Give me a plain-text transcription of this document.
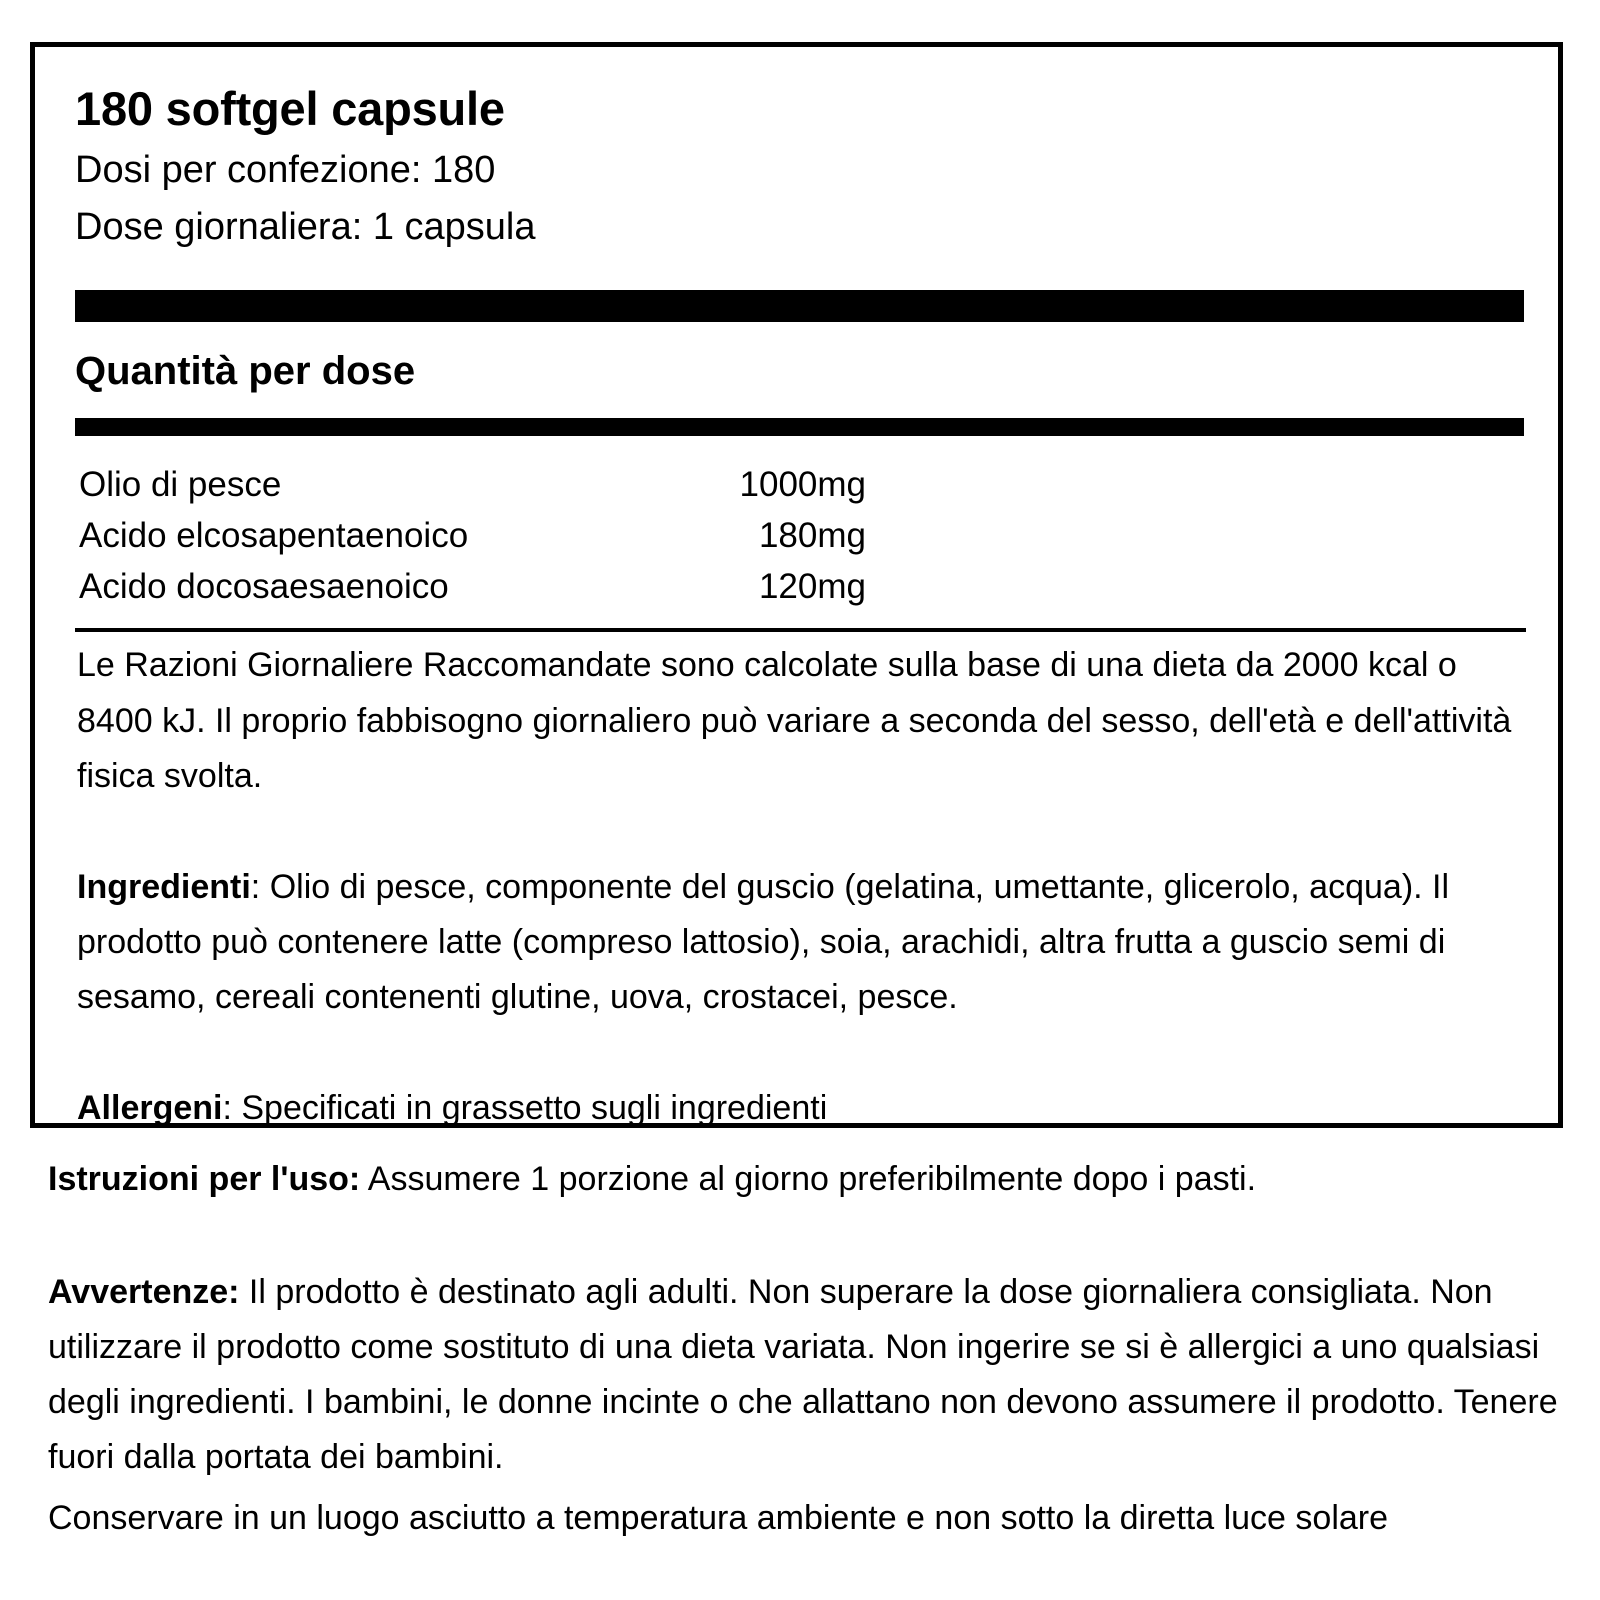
180 softgel capsule
Dosi per confezione: 180
Dose giornaliera: 1 capsula
Quantità per dose
Olio di pesce	1000mg
Acido elcosapentaenoico	180mg
Acido docosaesaenoico	120mg
Le Razioni Giornaliere Raccomandate sono calcolate sulla base di una dieta da 2000 kcal o 8400 kJ. Il proprio fabbisogno giornaliero può variare a seconda del sesso, dell'età e dell'attività fisica svolta.
Ingredienti: Olio di pesce, componente del guscio (gelatina, umettante, glicerolo, acqua). Il prodotto può contenere latte (compreso lattosio), soia, arachidi, altra frutta a guscio semi di sesamo, cereali contenenti glutine, uova, crostacei, pesce.
Allergeni: Specificati in grassetto sugli ingredienti
Istruzioni per l'uso: Assumere 1 porzione al giorno preferibilmente dopo i pasti.
Avvertenze: Il prodotto è destinato agli adulti. Non superare la dose giornaliera consigliata. Non utilizzare il prodotto come sostituto di una dieta variata. Non ingerire se si è allergici a uno qualsiasi degli ingredienti. I bambini, le donne incinte o che allattano non devono assumere il prodotto. Tenere fuori dalla portata dei bambini.
Conservare in un luogo asciutto a temperatura ambiente e non sotto la diretta luce solare
